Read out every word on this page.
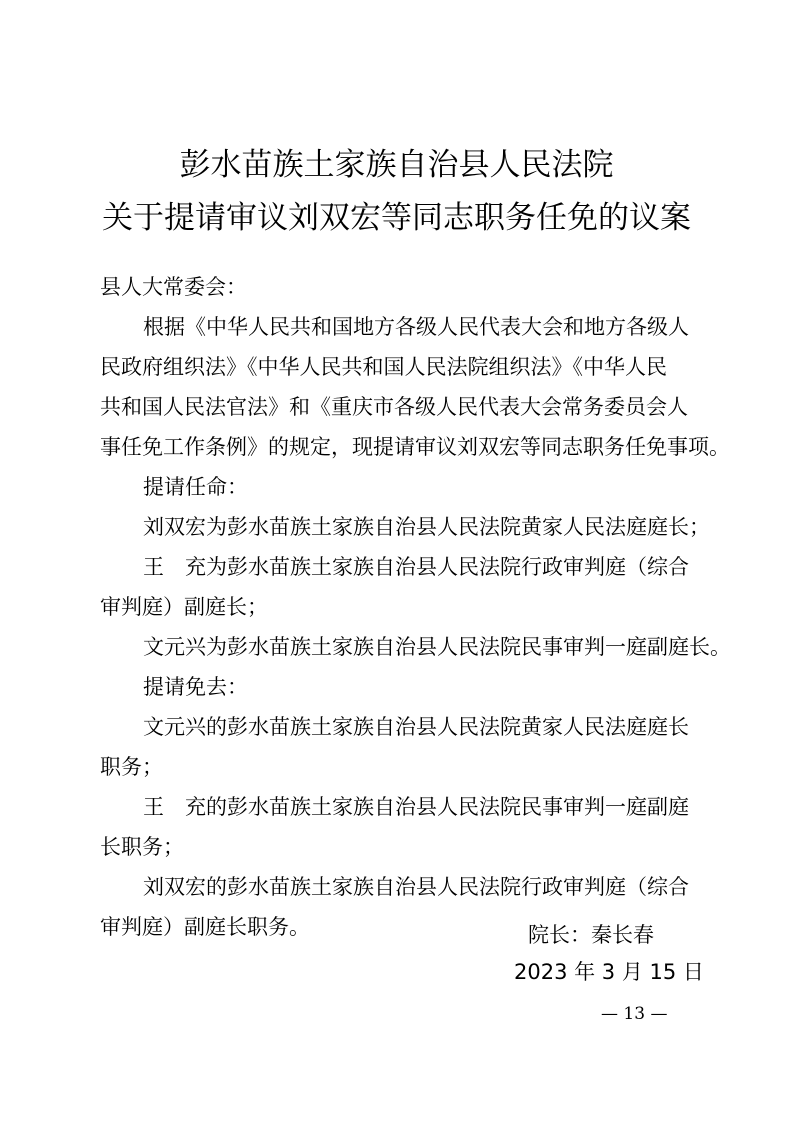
彭水苗族土家族自治县人民法院
关于提请审议刘双宏等同志职务任免的议案
县人大常委会：
根据《中华人民共和国地方各级人民代表大会和地方各级人
民政府组织法》《中华人民共和国人民法院组织法》《中华人民
共和国人民法官法》和《重庆市各级人民代表大会常务委员会人
事任免工作条例》的规定，现提请审议刘双宏等同志职务任免事项。
提请任命：
刘双宏为彭水苗族土家族自治县人民法院黄家人民法庭庭长；
王　充为彭水苗族土家族自治县人民法院行政审判庭（综合
审判庭）副庭长；
文元兴为彭水苗族土家族自治县人民法院民事审判一庭副庭长。
提请免去：
文元兴的彭水苗族土家族自治县人民法院黄家人民法庭庭长
职务；
王　充的彭水苗族土家族自治县人民法院民事审判一庭副庭
长职务；
刘双宏的彭水苗族土家族自治县人民法院行政审判庭（综合
审判庭）副庭长职务。	院长：秦长春
2023 年 3 月 15 日
— 13 —
